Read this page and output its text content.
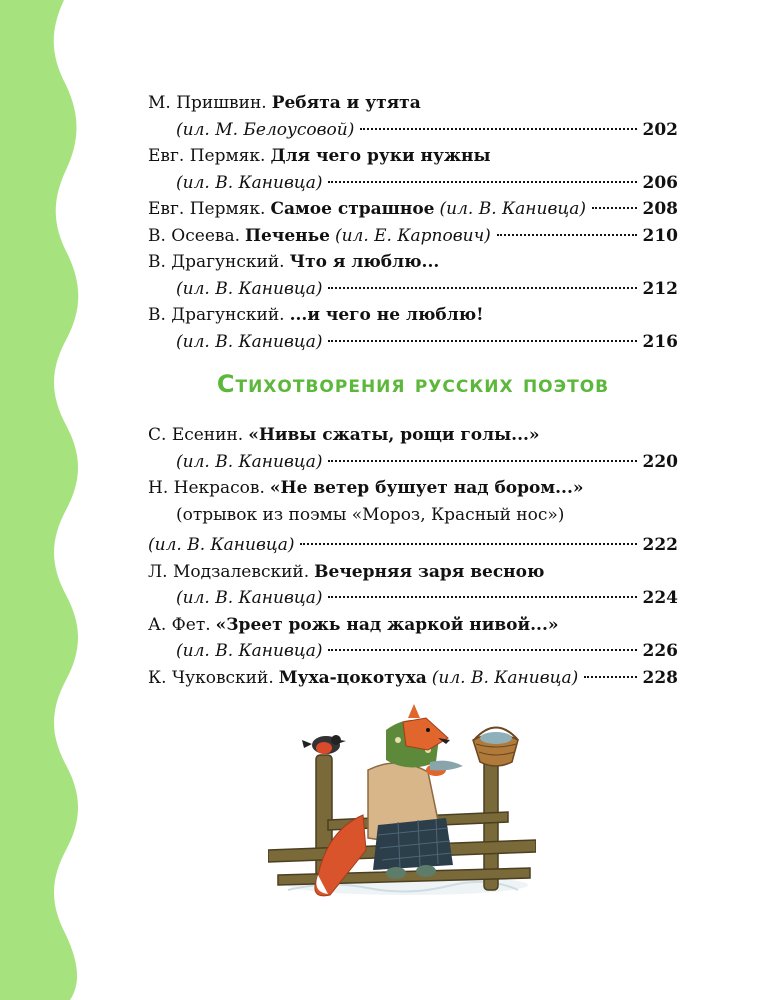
М. Пришвин. Ребята и утята
(ил. М. Белоусовой)	202
Евг. Пермяк. Для чего руки нужны
(ил. В. Канивца)	206
Евг. Пермяк. Самое страшное (ил. В. Канивца)	208
В. Осеева. Печенье (ил. Е. Карпович)	210
В. Драгунский. Что я люблю...
(ил. В. Канивца)	212
В. Драгунский. ...и чего не люблю!
(ил. В. Канивца)	216
Стихотворения русских поэтов
С. Есенин. «Нивы сжаты, рощи голы...»
(ил. В. Канивца)	220
Н. Некрасов. «Не ветер бушует над бором...»
(отрывок из поэмы «Мороз, Красный нос»)
(ил. В. Канивца)	222
Л. Модзалевский. Вечерняя заря весною
(ил. В. Канивца)	224
А. Фет. «Зреет рожь над жаркой нивой...»
(ил. В. Канивца)	226
К. Чуковский. Муха-цокотуха (ил. В. Канивца)	228
